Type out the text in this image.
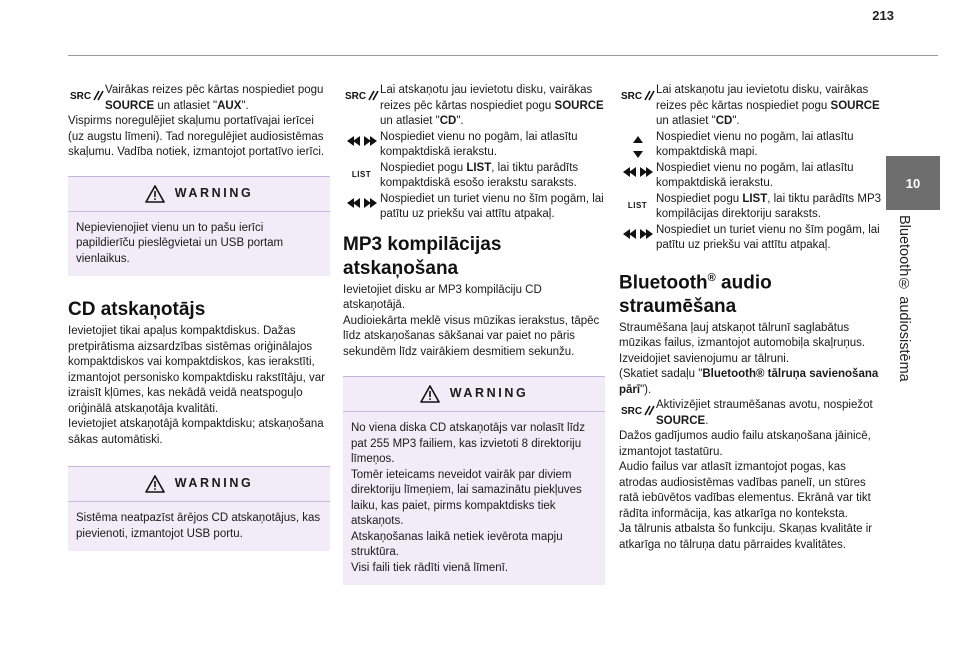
213
10
Bluetooth® audiosistēma
SRC

Vairākas reizes pēc kārtas nospiediet pogu SOURCE un atlasiet "AUX".

Vispirms noregulējiet skaļumu portatīvajai ierīcei (uz augstu līmeni). Tad noregulējiet audiosistēmas skaļumu. Vadība notiek, izmantojot portatīvo ierīci.

WARNING

Nepievienojiet vienu un to pašu ierīci papildierīču pieslēgvietai un USB portam vienlaikus.

CD atskaņotājs

Ievietojiet tikai apaļus kompaktdiskus. Dažas pretpirātisma aizsardzības sistēmas oriģinālajos kompaktdiskos vai kompaktdiskos, kas ierakstīti, izmantojot personisko kompaktdisku rakstītāju, var izraisīt kļūmes, kas nekādā veidā neatspoguļo oriģinālā atskaņotāja kvalitāti.

Ievietojiet atskaņotājā kompaktdisku; atskaņošana sākas automātiski.

WARNING

Sistēma neatpazīst ārējos CD atskaņotājus, kas pievienoti, izmantojot USB portu.

SRC

Lai atskaņotu jau ievietotu disku, vairākas reizes pēc kārtas nospiediet pogu SOURCE un atlasiet "CD".

Nospiediet vienu no pogām, lai atlasītu kompaktdiskā ierakstu.

LIST

Nospiediet pogu LIST, lai tiktu parādīts kompaktdiskā esošo ierakstu saraksts.

Nospiediet un turiet vienu no šīm pogām, lai patītu uz priekšu vai attītu atpakaļ.

MP3 kompilācijas
atskaņošana

Ievietojiet disku ar MP3 kompilāciju CD atskaņotājā.

Audioiekārta meklē visus mūzikas ierakstus, tāpēc līdz atskaņošanas sākšanai var paiet no pāris sekundēm līdz vairākiem desmitiem sekunžu.

WARNING

No viena diska CD atskaņotājs var nolasīt līdz pat 255 MP3 failiem, kas izvietoti 8 direktoriju līmeņos.

Tomēr ieteicams neveidot vairāk par diviem direktoriju līmeņiem, lai samazinātu piekļuves laiku, kas paiet, pirms kompaktdisks tiek atskaņots.

Atskaņošanas laikā netiek ievērota mapju struktūra.

Visi faili tiek rādīti vienā līmenī.

SRC

Lai atskaņotu jau ievietotu disku, vairākas reizes pēc kārtas nospiediet pogu SOURCE un atlasiet "CD".

Nospiediet vienu no pogām, lai atlasītu kompaktdiskā mapi.

Nospiediet vienu no pogām, lai atlasītu kompaktdiskā ierakstu.

LIST

Nospiediet pogu LIST, lai tiktu parādīts MP3 kompilācijas direktoriju saraksts.

Nospiediet un turiet vienu no šīm pogām, lai patītu uz priekšu vai attītu atpakaļ.

Bluetooth® audio
straumēšana

Straumēšana ļauj atskaņot tālrunī saglabātus mūzikas failus, izmantojot automobiļa skaļruņus.

Izveidojiet savienojumu ar tālruni.

(Skatiet sadaļu "Bluetooth® tālruņa savienošana pārī").

SRC

Aktivizējiet straumēšanas avotu, nospiežot SOURCE.

Dažos gadījumos audio failu atskaņošana jāinicē, izmantojot tastatūru.

Audio failus var atlasīt izmantojot pogas, kas atrodas audiosistēmas vadības panelī, un stūres ratā iebūvētos vadības elementus. Ekrānā var tikt rādīta informācija, kas atkarīga no konteksta.

Ja tālrunis atbalsta šo funkciju. Skaņas kvalitāte ir atkarīga no tālruņa datu pārraides kvalitātes.
